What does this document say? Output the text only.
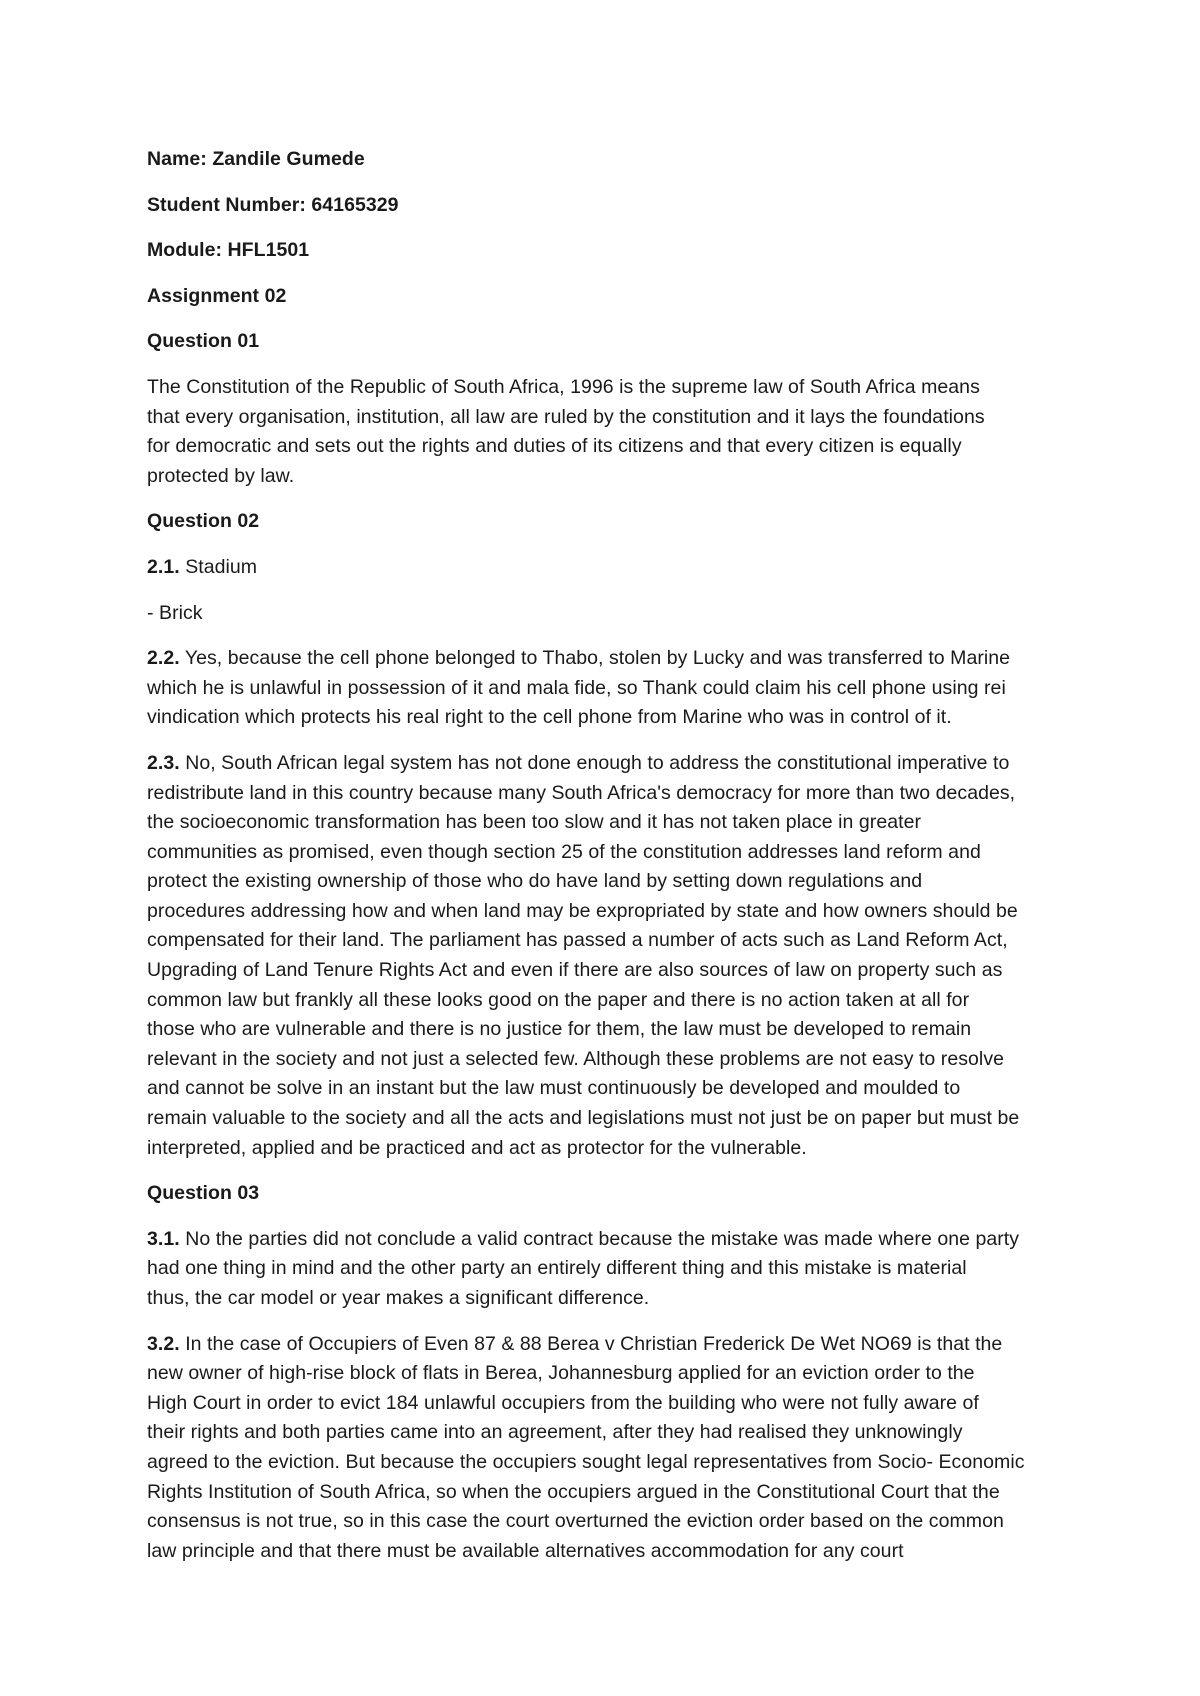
Name: Zandile Gumede

Student Number: 64165329

Module: HFL1501

Assignment 02

Question 01

The Constitution of the Republic of South Africa, 1996 is the supreme law of South Africa means
that every organisation, institution, all law are ruled by the constitution and it lays the foundations
for democratic and sets out the rights and duties of its citizens and that every citizen is equally
protected by law.

Question 02

2.1. Stadium

- Brick

2.2. Yes, because the cell phone belonged to Thabo, stolen by Lucky and was transferred to Marine
which he is unlawful in possession of it and mala fide, so Thank could claim his cell phone using rei
vindication which protects his real right to the cell phone from Marine who was in control of it.
2.3. No, South African legal system has not done enough to address the constitutional imperative to
redistribute land in this country because many South Africa's democracy for more than two decades,
the socioeconomic transformation has been too slow and it has not taken place in greater
communities as promised, even though section 25 of the constitution addresses land reform and
protect the existing ownership of those who do have land by setting down regulations and
procedures addressing how and when land may be expropriated by state and how owners should be
compensated for their land. The parliament has passed a number of acts such as Land Reform Act,
Upgrading of Land Tenure Rights Act and even if there are also sources of law on property such as
common law but frankly all these looks good on the paper and there is no action taken at all for
those who are vulnerable and there is no justice for them, the law must be developed to remain
relevant in the society and not just a selected few. Although these problems are not easy to resolve
and cannot be solve in an instant but the law must continuously be developed and moulded to
remain valuable to the society and all the acts and legislations must not just be on paper but must be
interpreted, applied and be practiced and act as protector for the vulnerable.

Question 03

3.1. No the parties did not conclude a valid contract because the mistake was made where one party
had one thing in mind and the other party an entirely different thing and this mistake is material
thus, the car model or year makes a significant difference.
3.2. In the case of Occupiers of Even 87 & 88 Berea v Christian Frederick De Wet NO69 is that the
new owner of high-rise block of flats in Berea, Johannesburg applied for an eviction order to the
High Court in order to evict 184 unlawful occupiers from the building who were not fully aware of
their rights and both parties came into an agreement, after they had realised they unknowingly
agreed to the eviction. But because the occupiers sought legal representatives from Socio- Economic
Rights Institution of South Africa, so when the occupiers argued in the Constitutional Court that the
consensus is not true, so in this case the court overturned the eviction order based on the common
law principle and that there must be available alternatives accommodation for any court
